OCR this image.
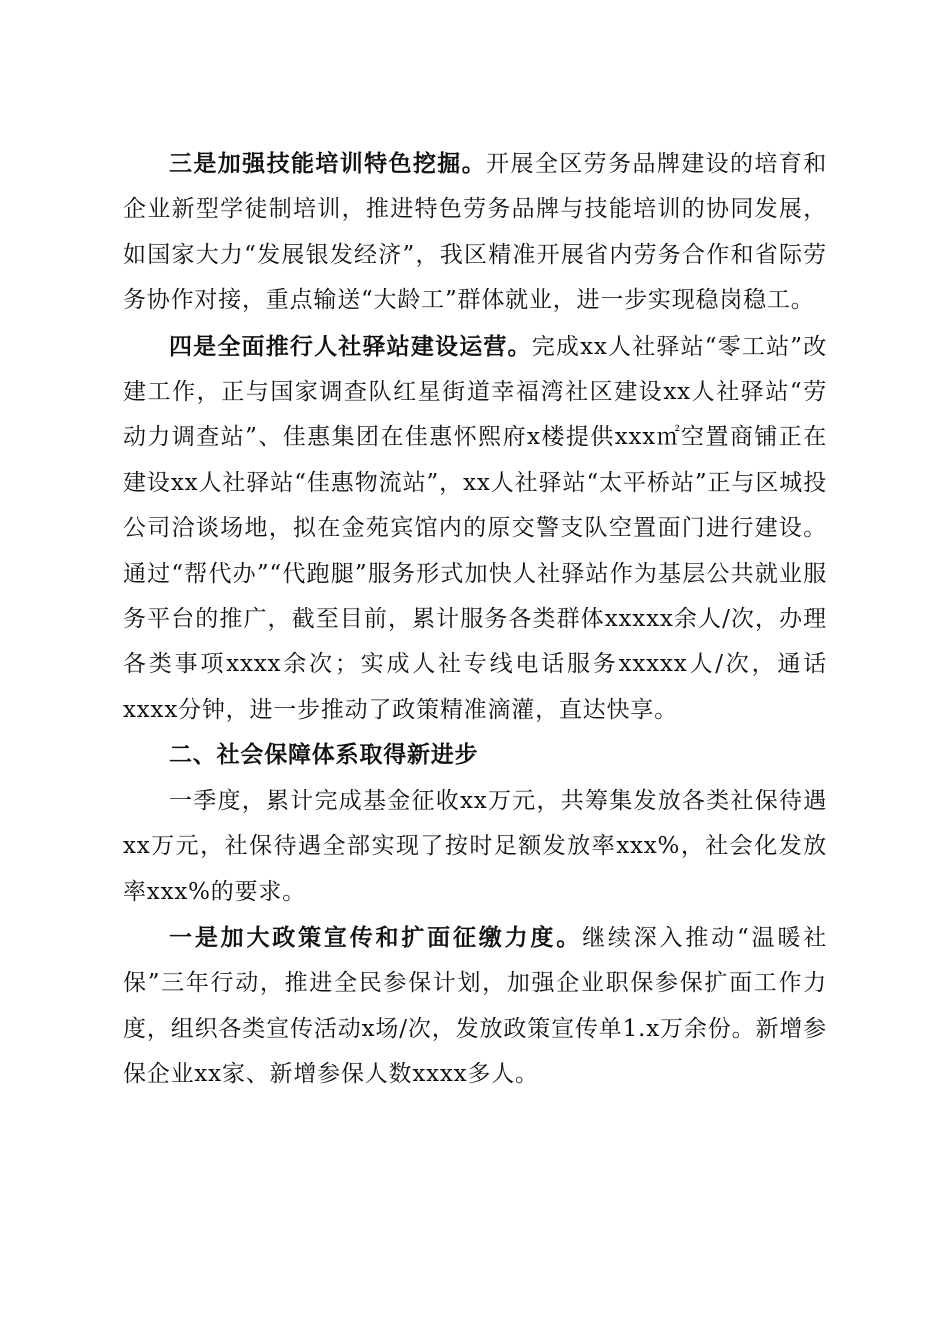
三是加强技能培训特色挖掘。开展全区劳务品牌建设的培育和企业新型学徒制培训，推进特色劳务品牌与技能培训的协同发展，如国家大力“发展银发经济”，我区精准开展省内劳务合作和省际劳务协作对接，重点输送“大龄工”群体就业，进一步实现稳岗稳工。

四是全面推行人社驿站建设运营。完成xx人社驿站“零工站”改建工作，正与国家调查队红星街道幸福湾社区建设xx人社驿站“劳动力调查站”、佳惠集团在佳惠怀熙府x楼提供xxx㎡空置商铺正在建设xx人社驿站“佳惠物流站”，xx人社驿站“太平桥站”正与区城投公司洽谈场地，拟在金苑宾馆内的原交警支队空置面门进行建设。通过“帮代办”“代跑腿”服务形式加快人社驿站作为基层公共就业服务平台的推广，截至目前，累计服务各类群体xxxxx余人/次，办理各类事项xxxx余次；实成人社专线电话服务xxxxx人/次，通话xxxx分钟，进一步推动了政策精准滴灌，直达快享。

二、社会保障体系取得新进步

一季度，累计完成基金征收xx万元，共筹集发放各类社保待遇xx万元，社保待遇全部实现了按时足额发放率xxx%，社会化发放率xxx%的要求。

一是加大政策宣传和扩面征缴力度。继续深入推动“温暖社保”三年行动，推进全民参保计划，加强企业职保参保扩面工作力度，组织各类宣传活动x场/次，发放政策宣传单1.x万余份。新增参保企业xx家、新增参保人数xxxx多人。
